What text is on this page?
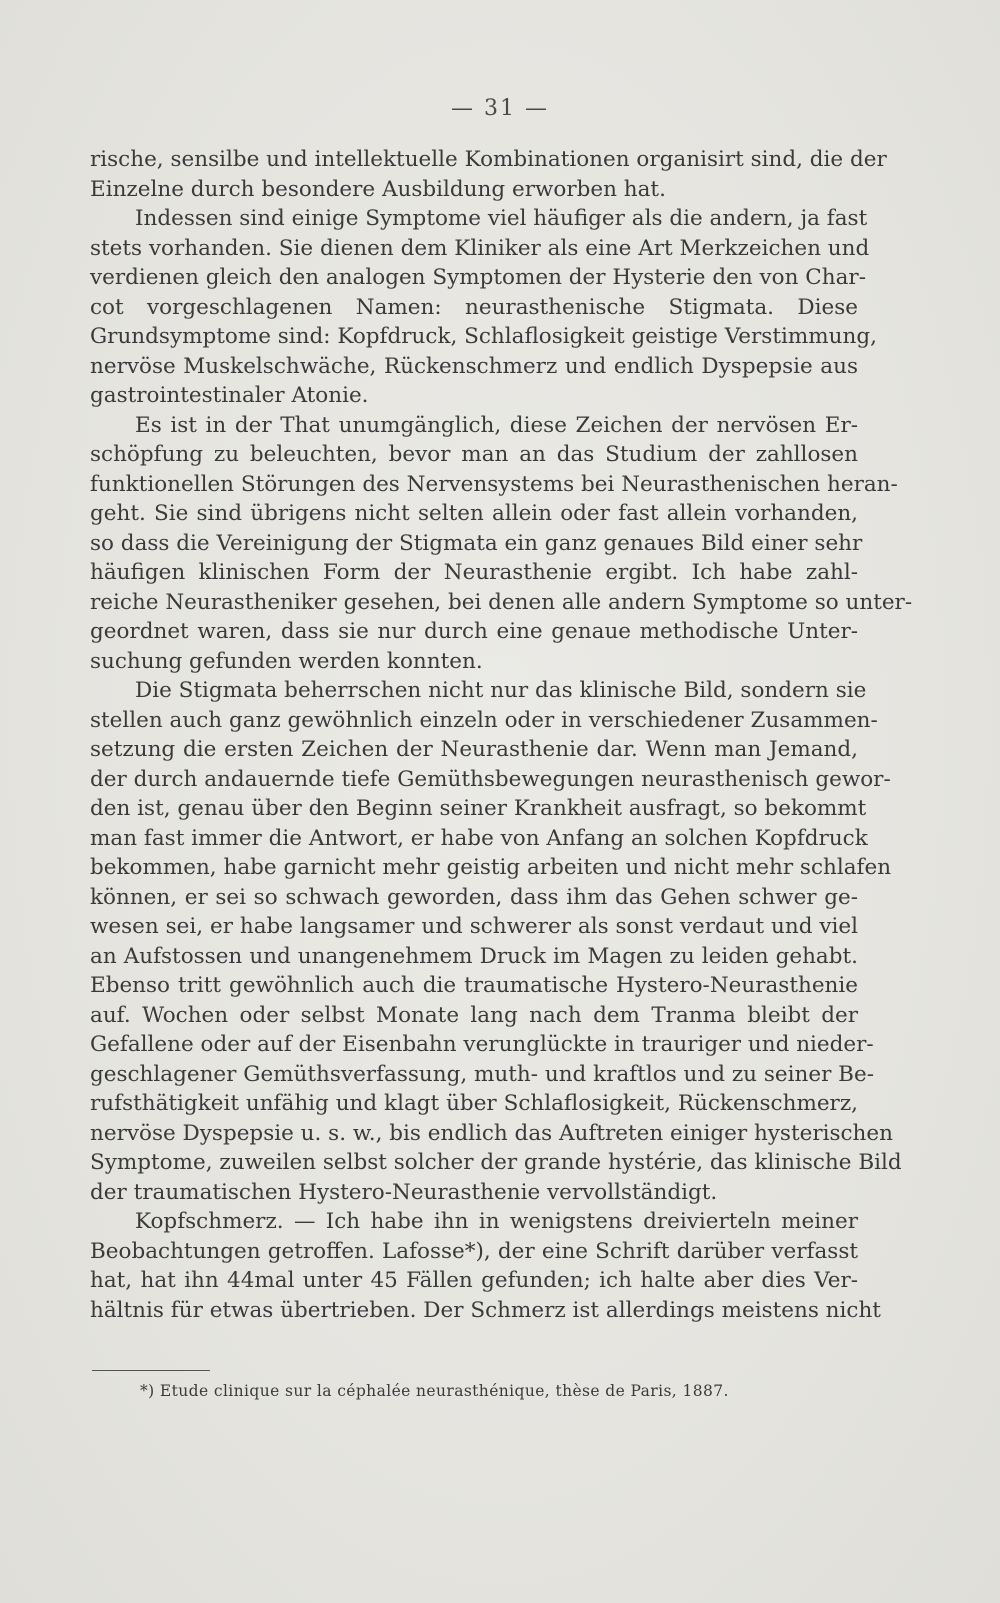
— 31 —
rische, sensilbe und intellektuelle Kombinationen organisirt sind, die der
Einzelne durch besondere Ausbildung erworben hat.
Indessen sind einige Symptome viel häufiger als die andern, ja fast
stets vorhanden. Sie dienen dem Kliniker als eine Art Merkzeichen und
verdienen gleich den analogen Symptomen der Hysterie den von Char-
cot vorgeschlagenen Namen: neurasthenische Stigmata. Diese
Grundsymptome sind: Kopfdruck, Schlaflosigkeit geistige Verstimmung,
nervöse Muskelschwäche, Rückenschmerz und endlich Dyspepsie aus
gastrointestinaler Atonie.
Es ist in der That unumgänglich, diese Zeichen der nervösen Er-
schöpfung zu beleuchten, bevor man an das Studium der zahllosen
funktionellen Störungen des Nervensystems bei Neurasthenischen heran-
geht. Sie sind übrigens nicht selten allein oder fast allein vorhanden,
so dass die Vereinigung der Stigmata ein ganz genaues Bild einer sehr
häufigen klinischen Form der Neurasthenie ergibt. Ich habe zahl-
reiche Neurastheniker gesehen, bei denen alle andern Symptome so unter-
geordnet waren, dass sie nur durch eine genaue methodische Unter-
suchung gefunden werden konnten.
Die Stigmata beherrschen nicht nur das klinische Bild, sondern sie
stellen auch ganz gewöhnlich einzeln oder in verschiedener Zusammen-
setzung die ersten Zeichen der Neurasthenie dar. Wenn man Jemand,
der durch andauernde tiefe Gemüthsbewegungen neurasthenisch gewor-
den ist, genau über den Beginn seiner Krankheit ausfragt, so bekommt
man fast immer die Antwort, er habe von Anfang an solchen Kopfdruck
bekommen, habe garnicht mehr geistig arbeiten und nicht mehr schlafen
können, er sei so schwach geworden, dass ihm das Gehen schwer ge-
wesen sei, er habe langsamer und schwerer als sonst verdaut und viel
an Aufstossen und unangenehmem Druck im Magen zu leiden gehabt.
Ebenso tritt gewöhnlich auch die traumatische Hystero-Neurasthenie
auf. Wochen oder selbst Monate lang nach dem Tranma bleibt der
Gefallene oder auf der Eisenbahn verunglückte in trauriger und nieder-
geschlagener Gemüthsverfassung, muth- und kraftlos und zu seiner Be-
rufsthätigkeit unfähig und klagt über Schlaflosigkeit, Rückenschmerz,
nervöse Dyspepsie u. s. w., bis endlich das Auftreten einiger hysterischen
Symptome, zuweilen selbst solcher der grande hystérie, das klinische Bild
der traumatischen Hystero-Neurasthenie vervollständigt.
Kopfschmerz. — Ich habe ihn in wenigstens dreivierteln meiner
Beobachtungen getroffen. Lafosse*), der eine Schrift darüber verfasst
hat, hat ihn 44mal unter 45 Fällen gefunden; ich halte aber dies Ver-
hältnis für etwas übertrieben. Der Schmerz ist allerdings meistens nicht
*) Etude clinique sur la céphalée neurasthénique, thèse de Paris, 1887.
